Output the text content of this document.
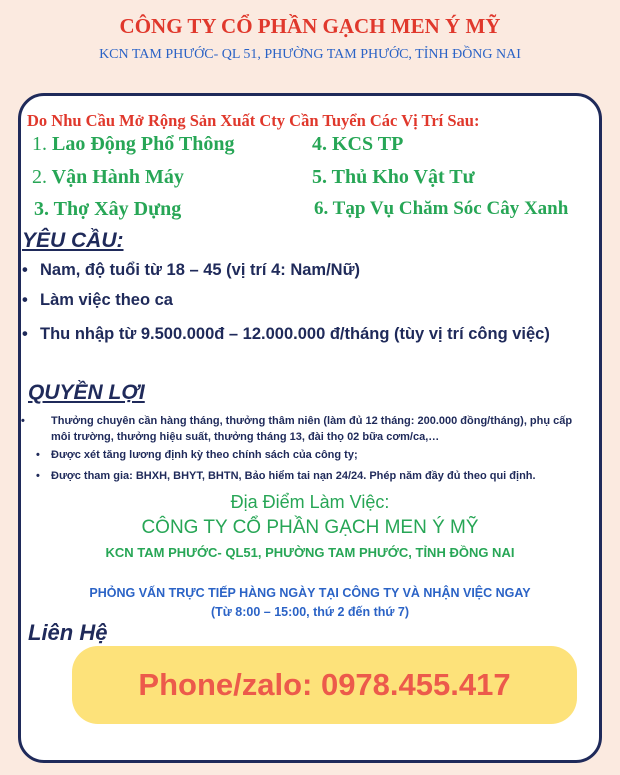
CÔNG TY CỔ PHẦN GẠCH MEN Ý MỸ
KCN TAM PHƯỚC- QL 51, PHƯỜNG TAM PHƯỚC, TỈNH ĐỒNG NAI
Do Nhu Cầu Mở Rộng Sản Xuất Cty Cần Tuyển Các Vị Trí Sau:
1. Lao Động Phổ Thông
2. Vận Hành Máy
3. Thợ Xây Dựng
4. KCS TP
5. Thủ Kho Vật Tư
6. Tạp Vụ Chăm Sóc Cây Xanh
YÊU CẦU:
• Nam, độ tuổi từ 18 – 45 (vị trí 4: Nam/Nữ)
• Làm việc theo ca
• Thu nhập từ 9.500.000đ – 12.000.000 đ/tháng (tùy vị trí công việc)
QUYỀN LỢI
• Thưởng chuyên cần hàng tháng, thưởng thâm niên (làm đủ 12 tháng: 200.000 đồng/tháng), phụ cấp môi trường, thưởng hiệu suất, thưởng tháng 13, đài thọ 02 bữa cơm/ca,…
• Được xét tăng lương định kỳ theo chính sách của công ty;
• Được tham gia: BHXH, BHYT, BHTN, Bảo hiểm tai nạn 24/24. Phép năm đầy đủ theo qui định.
Địa Điểm Làm Việc:
CÔNG TY CỔ PHẦN GẠCH MEN Ý MỸ
KCN TAM PHƯỚC- QL51, PHƯỜNG TAM PHƯỚC, TỈNH ĐỒNG NAI
PHỎNG VẤN TRỰC TIẾP HÀNG NGÀY TẠI CÔNG TY VÀ NHẬN VIỆC NGAY
(Từ 8:00 – 15:00, thứ 2 đến thứ 7)
Liên Hệ
Phone/zalo: 0978.455.417
